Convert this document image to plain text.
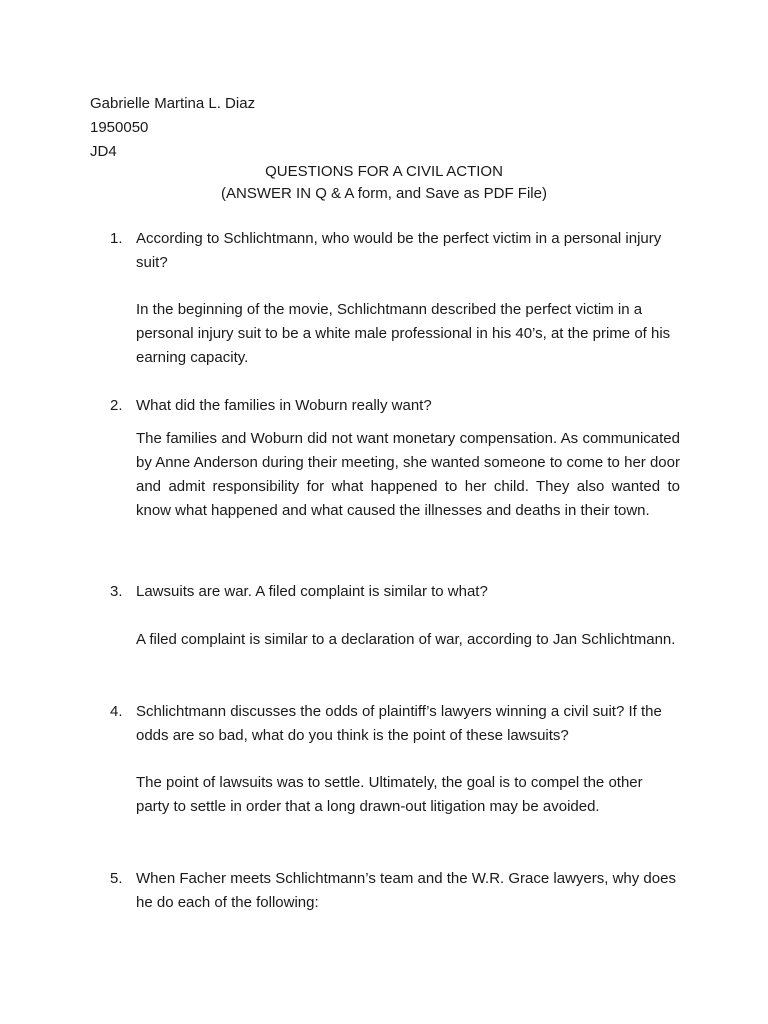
Gabrielle Martina L. Diaz
1950050
JD4
QUESTIONS FOR A CIVIL ACTION
(ANSWER IN Q & A form, and Save as PDF File)
1. According to Schlichtmann, who would be the perfect victim in a personal injury suit?
In the beginning of the movie, Schlichtmann described the perfect victim in a personal injury suit to be a white male professional in his 40’s, at the prime of his earning capacity.
2. What did the families in Woburn really want?
The families and Woburn did not want monetary compensation. As communicated by Anne Anderson during their meeting, she wanted someone to come to her door and admit responsibility for what happened to her child. They also wanted to know what happened and what caused the illnesses and deaths in their town.
3. Lawsuits are war. A filed complaint is similar to what?
A filed complaint is similar to a declaration of war, according to Jan Schlichtmann.
4. Schlichtmann discusses the odds of plaintiff’s lawyers winning a civil suit? If the odds are so bad, what do you think is the point of these lawsuits?
The point of lawsuits was to settle. Ultimately, the goal is to compel the other party to settle in order that a long drawn-out litigation may be avoided.
5. When Facher meets Schlichtmann’s team and the W.R. Grace lawyers, why does he do each of the following:
